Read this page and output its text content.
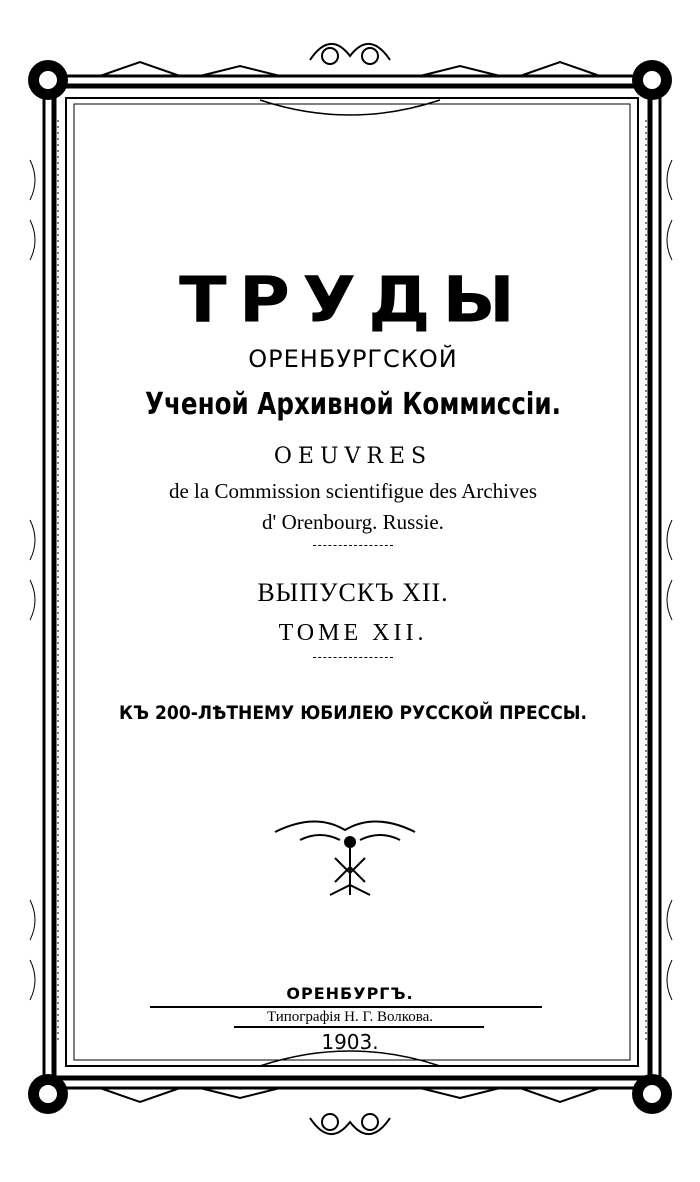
ТРУДЫ
ОРЕНБУРГСКОЙ
Ученой Архивной Коммиссіи.
OEUVRES
de la Commission scientifigue des Archives
d' Orenbourg. Russie.
ВЫПУСКЪ XII.
TOME XII.
КЪ 200-ЛѢТНЕМУ ЮБИЛЕЮ РУССКОЙ ПРЕССЫ.
ОРЕНБУРГЪ.
Типографія Н. Г. Волкова.
1903.
